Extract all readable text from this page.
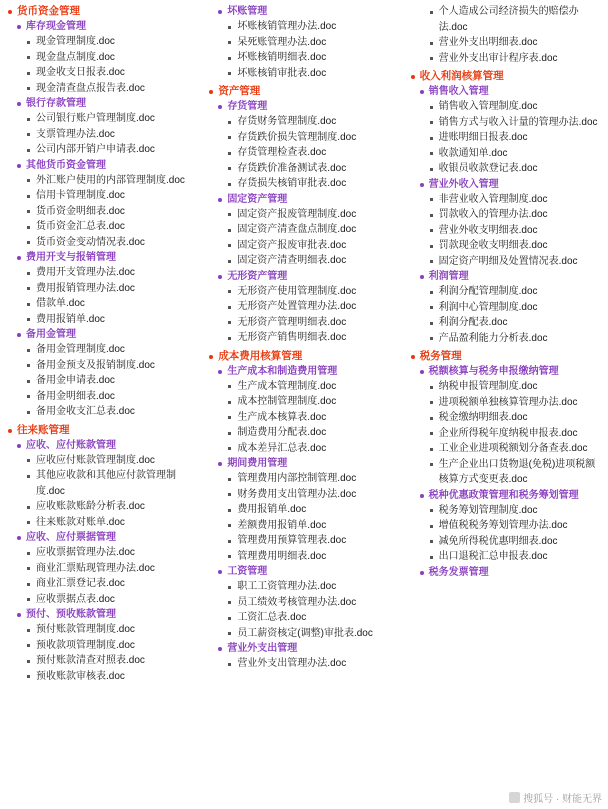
货币资金管理
库存现金管理
现金管理制度.doc
现金盘点制度.doc
现金收支日报表.doc
现金清查盘点报告表.doc
银行存款管理
公司银行账户管理制度.doc
支票管理办法.doc
公司内部开销户申请表.doc
其他货币资金管理
外汇账户使用的内部管理制度.doc
信用卡管理制度.doc
货币资金明细表.doc
货币资金汇总表.doc
货币资金变动情况表.doc
费用开支与报销管理
费用开支管理办法.doc
费用报销管理办法.doc
借款单.doc
费用报销单.doc
备用金管理
备用金管理制度.doc
备用金预支及报销制度.doc
备用金申请表.doc
备用金明细表.doc
备用金收支汇总表.doc
往来账管理
应收、应付账款管理
应收应付账款管理制度.doc
其他应收款和其他应付款管理制度.doc
应收账款账龄分析表.doc
往来账款对账单.doc
应收、应付票据管理
应收票据管理办法.doc
商业汇票贴现管理办法.doc
商业汇票登记表.doc
应收票据点表.doc
预付、预收账款管理
预付账款管理制度.doc
预收款项管理制度.doc
预付账款清查对照表.doc
预收账款审核表.doc
坏账管理
坏账核销管理办法.doc
呆死账管理办法.doc
坏账核销明细表.doc
坏账核销审批表.doc
资产管理
存货管理
存货财务管理制度.doc
存货跌价损失管理制度.doc
存货管理检查表.doc
存货跌价准备测试表.doc
存货损失核销审批表.doc
固定资产管理
固定资产报废管理制度.doc
固定资产清查盘点制度.doc
固定资产报废审批表.doc
固定资产清查明细表.doc
无形资产管理
无形资产使用管理制度.doc
无形资产处置管理办法.doc
无形资产管理明细表.doc
无形资产销售明细表.doc
成本费用核算管理
生产成本和制造费用管理
生产成本管理制度.doc
成本控制管理制度.doc
生产成本核算表.doc
制造费用分配表.doc
成本差异汇总表.doc
期间费用管理
管理费用内部控制管理.doc
财务费用支出管理办法.doc
费用报销单.doc
差额费用报销单.doc
管理费用预算管理表.doc
管理费用明细表.doc
工资管理
职工工资管理办法.doc
员工绩效考核管理办法.doc
工资汇总表.doc
员工薪资核定(调整)审批表.doc
营业外支出管理
营业外支出管理办法.doc
个人造成公司经济损失的赔偿办法.doc
营业外支出明细表.doc
营业外支出审计程序表.doc
收入利润核算管理
销售收入管理
销售收入管理制度.doc
销售方式与收入计量的管理办法.doc
进账明细日报表.doc
收款通知单.doc
收银员收款登记表.doc
营业外收入管理
非营业收入管理制度.doc
罚款收入的管理办法.doc
营业外收支明细表.doc
罚款现金收支明细表.doc
固定资产明细及处置情况表.doc
利润管理
利润分配管理制度.doc
利润中心管理制度.doc
利润分配表.doc
产品盈利能力分析表.doc
税务管理
税额核算与税务申报缴纳管理
纳税申报管理制度.doc
进项税额单独核算管理办法.doc
税金缴纳明细表.doc
企业所得税年度纳税申报表.doc
工业企业进项税额划分备查表.doc
生产企业出口货物退(免税)进项税额核算方式变更表.doc
税种优惠政策管理和税务筹划管理
税务筹划管理制度.doc
增值税税务筹划管理办法.doc
减免所得税优惠明细表.doc
出口退税汇总申报表.doc
税务发票管理
搜狐号 · 财能无界
